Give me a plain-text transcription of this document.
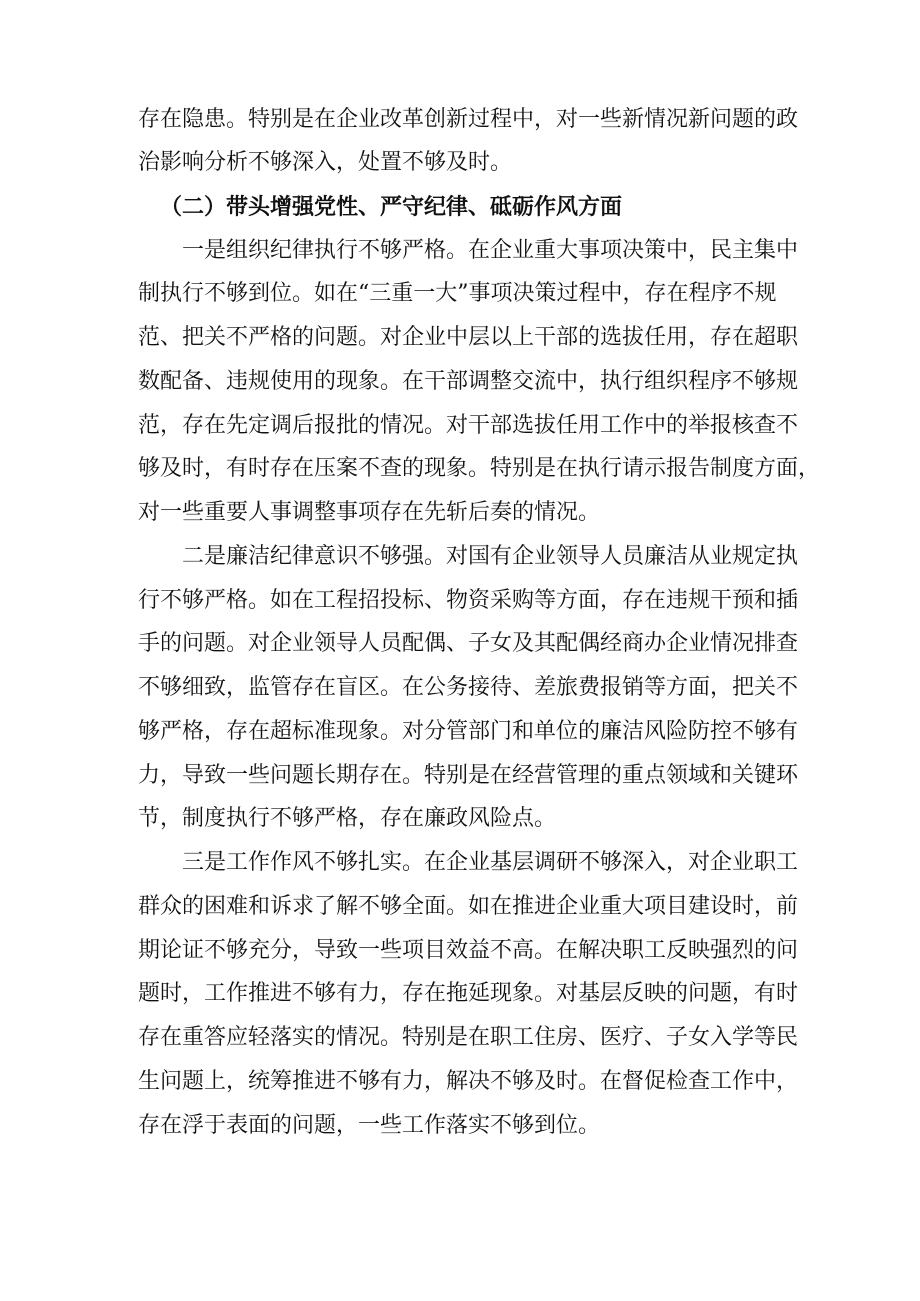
存在隐患。特别是在企业改革创新过程中，对一些新情况新问题的政
治影响分析不够深入，处置不够及时。
（二）带头增强党性、严守纪律、砥砺作风方面
一是组织纪律执行不够严格。在企业重大事项决策中，民主集中
制执行不够到位。如在“三重一大”事项决策过程中，存在程序不规
范、把关不严格的问题。对企业中层以上干部的选拔任用，存在超职
数配备、违规使用的现象。在干部调整交流中，执行组织程序不够规
范，存在先定调后报批的情况。对干部选拔任用工作中的举报核查不
够及时，有时存在压案不查的现象。特别是在执行请示报告制度方面，
对一些重要人事调整事项存在先斩后奏的情况。
二是廉洁纪律意识不够强。对国有企业领导人员廉洁从业规定执
行不够严格。如在工程招投标、物资采购等方面，存在违规干预和插
手的问题。对企业领导人员配偶、子女及其配偶经商办企业情况排查
不够细致，监管存在盲区。在公务接待、差旅费报销等方面，把关不
够严格，存在超标准现象。对分管部门和单位的廉洁风险防控不够有
力，导致一些问题长期存在。特别是在经营管理的重点领域和关键环
节，制度执行不够严格，存在廉政风险点。
三是工作作风不够扎实。在企业基层调研不够深入，对企业职工
群众的困难和诉求了解不够全面。如在推进企业重大项目建设时，前
期论证不够充分，导致一些项目效益不高。在解决职工反映强烈的问
题时，工作推进不够有力，存在拖延现象。对基层反映的问题，有时
存在重答应轻落实的情况。特别是在职工住房、医疗、子女入学等民
生问题上，统筹推进不够有力，解决不够及时。在督促检查工作中，
存在浮于表面的问题，一些工作落实不够到位。
